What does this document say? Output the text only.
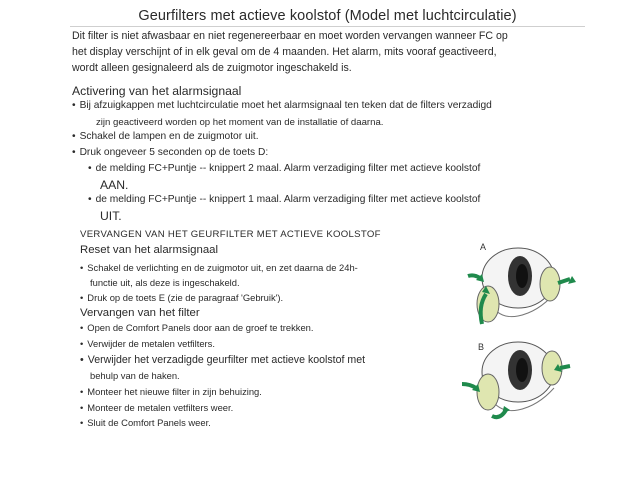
Geurfilters met actieve koolstof (Model met luchtcirculatie)
Dit filter is niet afwasbaar en niet regenereerbaar en moet worden vervangen wanneer FC op
het display verschijnt of in elk geval om de 4 maanden. Het alarm, mits vooraf geactiveerd,
wordt alleen gesignaleerd als de zuigmotor ingeschakeld is.
Activering van het alarmsignaal
• Bij afzuigkappen met luchtcirculatie moet het alarmsignaal ten teken dat de filters verzadigd
zijn geactiveerd worden op het moment van de installatie of daarna.
• Schakel de lampen en de zuigmotor uit.
• Druk ongeveer 5 seconden op de toets D:
• de melding FC+Puntje -- knippert 2 maal. Alarm verzadiging filter met actieve koolstof
AAN.
• de melding FC+Puntje -- knippert 1 maal. Alarm verzadiging filter met actieve koolstof
UIT.
VERVANGEN VAN HET GEURFILTER MET ACTIEVE KOOLSTOF
Reset van het alarmsignaal
• Schakel de verlichting en de zuigmotor uit, en zet daarna de 24h-
functie uit, als deze is ingeschakeld.
• Druk op de toets E (zie de paragraaf 'Gebruik').
Vervangen van het filter
• Open de Comfort Panels door aan de groef te trekken.
• Verwijder de metalen vetfilters.
• Verwijder het verzadigde geurfilter met actieve koolstof met
behulp van de haken.
• Monteer het nieuwe filter in zijn behuizing.
• Monteer de metalen vetfilters weer.
• Sluit de Comfort Panels weer.
A
B
